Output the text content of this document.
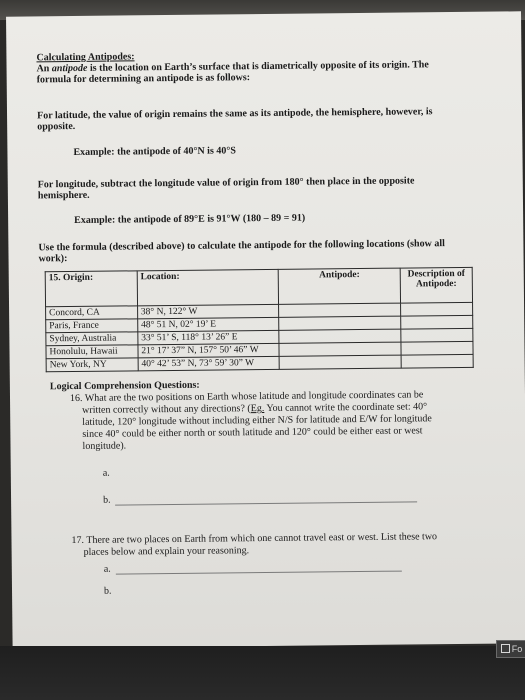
Calculating Antipodes:
An antipode is the location on Earth’s surface that is diametrically opposite of its origin. The
formula for determining an antipode is as follows:
For latitude, the value of origin remains the same as its antipode, the hemisphere, however, is
opposite.
Example: the antipode of 40°N is 40°S
For longitude, subtract the longitude value of origin from 180° then place in the opposite
hemisphere.
Example: the antipode of 89°E is 91°W (180 – 89 = 91)
Use the formula (described above) to calculate the antipode for the following locations (show all
work):
15. Origin:	Location:	Antipode:	Description of Antipode:
Concord, CA	38° N, 122° W		
Paris, France	48° 51 N, 02° 19’ E		
Sydney, Australia	33° 51’ S, 118° 13’ 26” E		
Honolulu, Hawaii	21° 17’ 37” N, 157° 50’ 46” W		
New York, NY	40° 42’ 53” N, 73° 59’ 30” W		
Logical Comprehension Questions:
16. What are the two positions on Earth whose latitude and longitude coordinates can be
written correctly without any directions? (Eg. You cannot write the coordinate set: 40°
latitude, 120° longitude without including either N/S for latitude and E/W for longitude
since 40° could be either north or south latitude and 120° could be either east or west
longitude).
a.
b.
17. There are two places on Earth from which one cannot travel east or west. List these two
places below and explain your reasoning.
a.
b.
Fo
